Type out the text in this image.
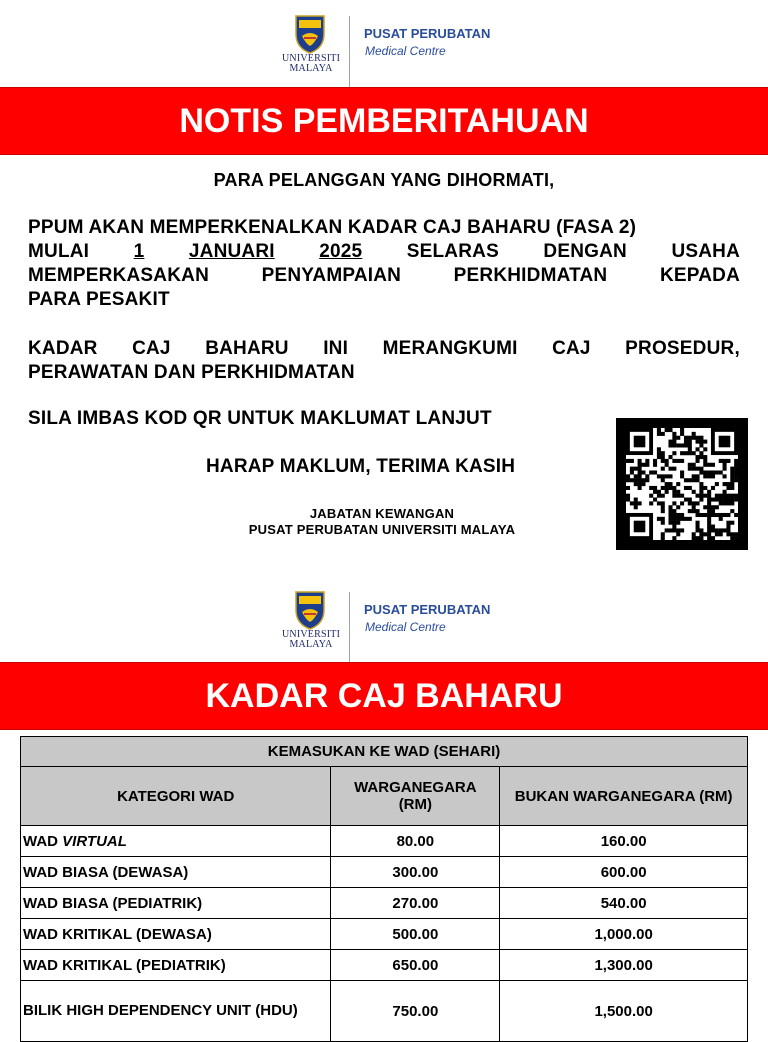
UNIVERSITI
MALAYA
PUSAT PERUBATAN
Medical Centre
NOTIS PEMBERITAHUAN
PARA PELANGGAN YANG DIHORMATI,
PPUM AKAN MEMPERKENALKAN KADAR CAJ BAHARU (FASA 2)
MULAI 1 JANUARI 2025 SELARAS DENGAN USAHA
MEMPERKASAKAN	PENYAMPAIAN	PERKHIDMATAN	KEPADA
PARA PESAKIT
KADAR CAJ BAHARU INI MERANGKUMI CAJ PROSEDUR,
PERAWATAN DAN PERKHIDMATAN
SILA IMBAS KOD QR UNTUK MAKLUMAT LANJUT
HARAP MAKLUM, TERIMA KASIH
JABATAN KEWANGAN
PUSAT PERUBATAN UNIVERSITI MALAYA
UNIVERSITI
MALAYA
PUSAT PERUBATAN
Medical Centre
KADAR CAJ BAHARU
KEMASUKAN KE WAD (SEHARI)		
KATEGORI WAD	WARGANEGARA (RM)	BUKAN WARGANEGARA (RM)
WAD VIRTUAL	80.00	160.00
WAD BIASA (DEWASA)	300.00	600.00
WAD BIASA (PEDIATRIK)	270.00	540.00
WAD KRITIKAL (DEWASA)	500.00	1,000.00
WAD KRITIKAL (PEDIATRIK)	650.00	1,300.00
BILIK HIGH DEPENDENCY UNIT (HDU)	750.00	1,500.00
